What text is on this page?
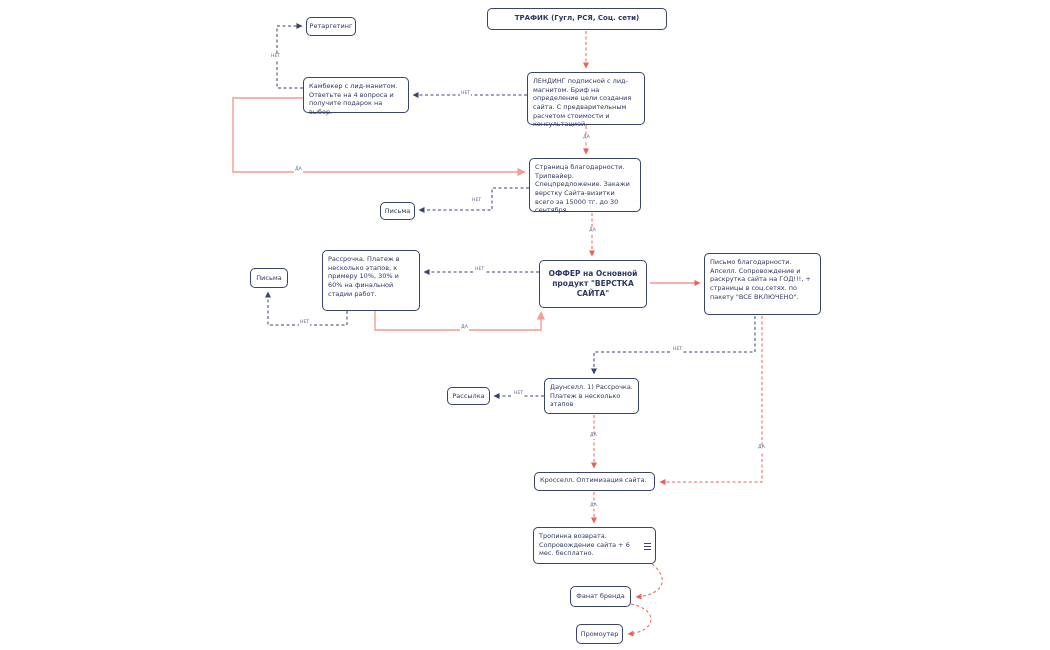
НЕТ
НЕТ
ДА
ДА
НЕТ
ДА
НЕТ
НЕТ
ДА
НЕТ
ДА
НЕТ
ДА
ДА
ТРАФИК (Гугл, РСЯ, Соц. сети)
Ретаргетинг
ЛЕНДИНГ подписной с лид-магнитом. Бриф на определение цели создания сайта. С предварительным расчетом стоимости и консультацией.
Камбекер с лид-манитом. Ответьте на 4 вопроса и получите подарок на выбор.
Страница благодарности. Трипвайер. Спецпредложение. Закажи верстку Сайта-визитки всего за 15000 тг. до 30 сентября.
Письма
Рассрочка. Платеж в несколько этапов, к примеру 10%, 30% и 60% на финальной стадии работ.
Письма	ОФФЕР на Основной продукт "ВЕРСТКА САЙТА"
Письмо благодарности. Апселл. Сопровождение и раскрутка сайта на ГОД!!!, + страницы в соц.сетях. по пакету "ВСЕ ВКЛЮЧЕНО".
Даунселл. 1) Рассрочка. Платеж в несколько этапов
Рассылка
Кросселл. Оптимизация сайта.
Тропинка возврата. Сопровождение сайта + 6 мес. бесплатно.
Фанат бренда
Промоутер
